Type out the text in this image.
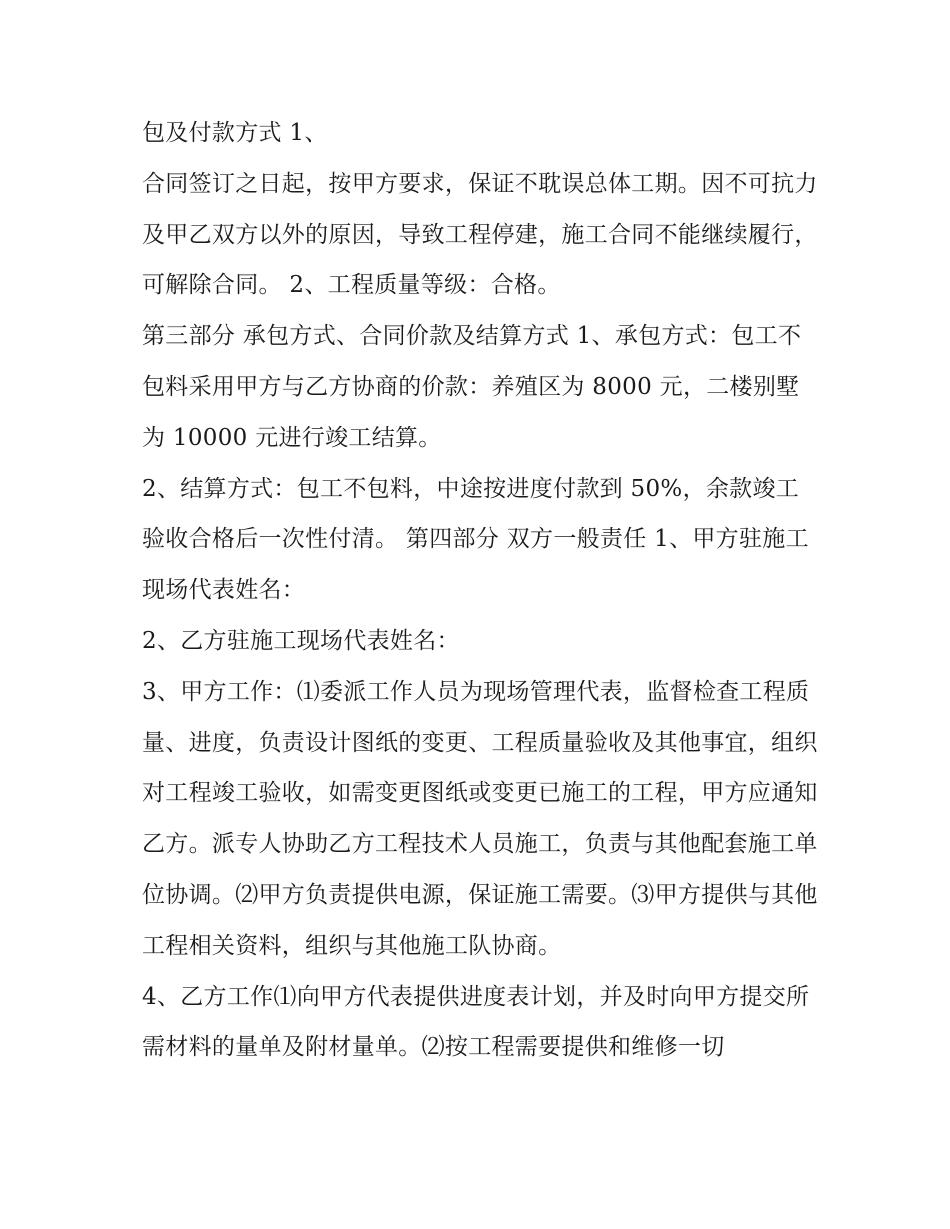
包及付款方式 1、

合同签订之日起，按甲方要求，保证不耽误总体工期。因不可抗力及甲乙双方以外的原因，导致工程停建，施工合同不能继续履行，可解除合同。 2、工程质量等级：合格。

第三部分 承包方式、合同价款及结算方式 1、承包方式：包工不包料采用甲方与乙方协商的价款：养殖区为 8000 元，二楼别墅为 10000 元进行竣工结算。

2、结算方式：包工不包料，中途按进度付款到 50%，余款竣工验收合格后一次性付清。 第四部分 双方一般责任 1、甲方驻施工现场代表姓名：

2、乙方驻施工现场代表姓名：

3、甲方工作：⑴委派工作人员为现场管理代表，监督检查工程质量、进度，负责设计图纸的变更、工程质量验收及其他事宜，组织对工程竣工验收，如需变更图纸或变更已施工的工程，甲方应通知乙方。派专人协助乙方工程技术人员施工，负责与其他配套施工单位协调。⑵甲方负责提供电源，保证施工需要。⑶甲方提供与其他工程相关资料，组织与其他施工队协商。

4、乙方工作⑴向甲方代表提供进度表计划，并及时向甲方提交所需材料的量单及附材量单。⑵按工程需要提供和维修一切
